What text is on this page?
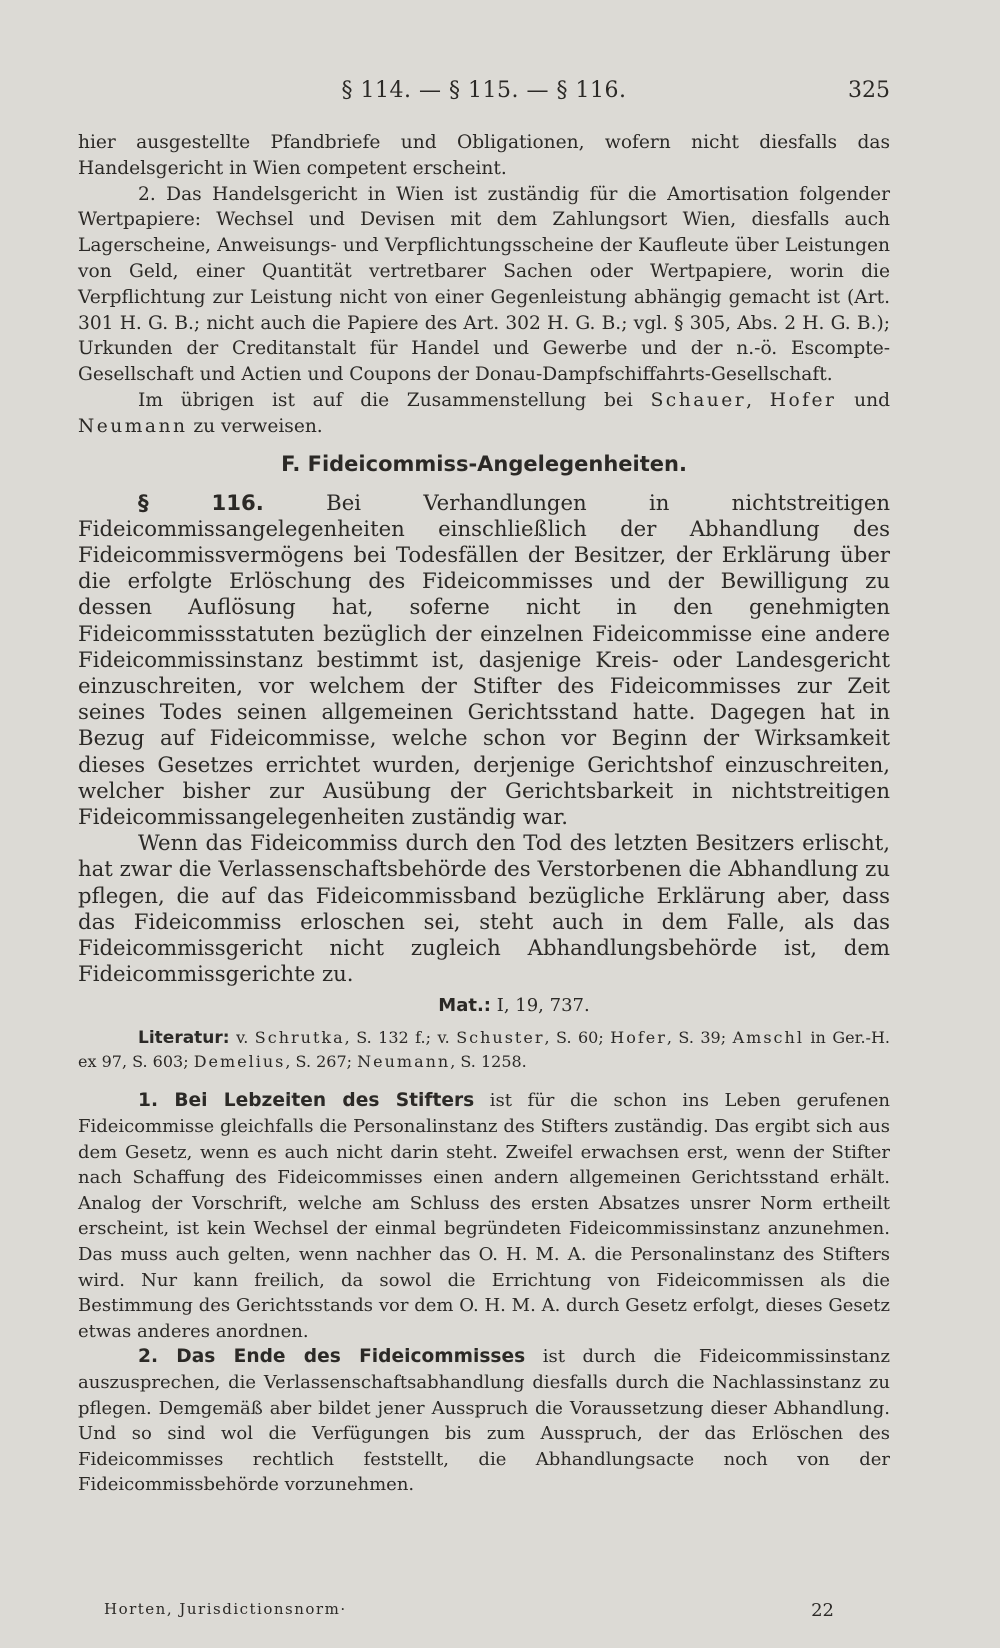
§ 114. — § 115. — § 116.	325

hier ausgestellte Pfandbriefe und Obligationen, wofern nicht diesfalls das Handelsgericht in Wien competent erscheint.

2. Das Handelsgericht in Wien ist zuständig für die Amortisation folgender Wertpapiere: Wechsel und Devisen mit dem Zahlungsort Wien, diesfalls auch Lagerscheine, Anweisungs- und Verpflichtungsscheine der Kaufleute über Leistungen von Geld, einer Quantität vertretbarer Sachen oder Wertpapiere, worin die Verpflichtung zur Leistung nicht von einer Gegenleistung abhängig gemacht ist (Art. 301 H. G. B.; nicht auch die Papiere des Art. 302 H. G. B.; vgl. § 305, Abs. 2 H. G. B.); Urkunden der Creditanstalt für Handel und Gewerbe und der n.-ö. Escompte-Gesellschaft und Actien und Coupons der Donau-Dampfschiffahrts-Gesellschaft.

Im übrigen ist auf die Zusammenstellung bei Schauer, Hofer und Neumann zu verweisen.

F. Fideicommiss-Angelegenheiten.

§ 116. Bei Verhandlungen in nichtstreitigen Fideicommissangelegenheiten einschließlich der Abhandlung des Fideicommissvermögens bei Todesfällen der Besitzer, der Erklärung über die erfolgte Erlöschung des Fideicommisses und der Bewilligung zu dessen Auflösung hat, soferne nicht in den genehmigten Fideicommissstatuten bezüglich der einzelnen Fideicommisse eine andere Fideicommissinstanz bestimmt ist, dasjenige Kreis- oder Landesgericht einzuschreiten, vor welchem der Stifter des Fideicommisses zur Zeit seines Todes seinen allgemeinen Gerichtsstand hatte. Dagegen hat in Bezug auf Fideicommisse, welche schon vor Beginn der Wirksamkeit dieses Gesetzes errichtet wurden, derjenige Gerichtshof einzuschreiten, welcher bisher zur Ausübung der Gerichtsbarkeit in nichtstreitigen Fideicommissangelegenheiten zuständig war.

Wenn das Fideicommiss durch den Tod des letzten Besitzers erlischt, hat zwar die Verlassenschaftsbehörde des Verstorbenen die Abhandlung zu pflegen, die auf das Fideicommissband bezügliche Erklärung aber, dass das Fideicommiss erloschen sei, steht auch in dem Falle, als das Fideicommissgericht nicht zugleich Abhandlungsbehörde ist, dem Fideicommissgerichte zu.

Mat.: I, 19, 737.

Literatur: v. Schrutka, S. 132 f.; v. Schuster, S. 60; Hofer, S. 39; Amschl in Ger.-H. ex 97, S. 603; Demelius, S. 267; Neumann, S. 1258.

1. Bei Lebzeiten des Stifters ist für die schon ins Leben gerufenen Fideicommisse gleichfalls die Personalinstanz des Stifters zuständig. Das ergibt sich aus dem Gesetz, wenn es auch nicht darin steht. Zweifel erwachsen erst, wenn der Stifter nach Schaffung des Fideicommisses einen andern allgemeinen Gerichtsstand erhält. Analog der Vorschrift, welche am Schluss des ersten Absatzes unsrer Norm ertheilt erscheint, ist kein Wechsel der einmal begründeten Fideicommissinstanz anzunehmen. Das muss auch gelten, wenn nachher das O. H. M. A. die Personalinstanz des Stifters wird. Nur kann freilich, da sowol die Errichtung von Fideicommissen als die Bestimmung des Gerichtsstands vor dem O. H. M. A. durch Gesetz erfolgt, dieses Gesetz etwas anderes anordnen.

2. Das Ende des Fideicommisses ist durch die Fideicommissinstanz auszusprechen, die Verlassenschaftsabhandlung diesfalls durch die Nachlassinstanz zu pflegen. Demgemäß aber bildet jener Ausspruch die Voraussetzung dieser Abhandlung. Und so sind wol die Verfügungen bis zum Ausspruch, der das Erlöschen des Fideicommisses rechtlich feststellt, die Abhandlungsacte noch von der Fideicommissbehörde vorzunehmen.

Horten, Jurisdictionsnorm·	22
